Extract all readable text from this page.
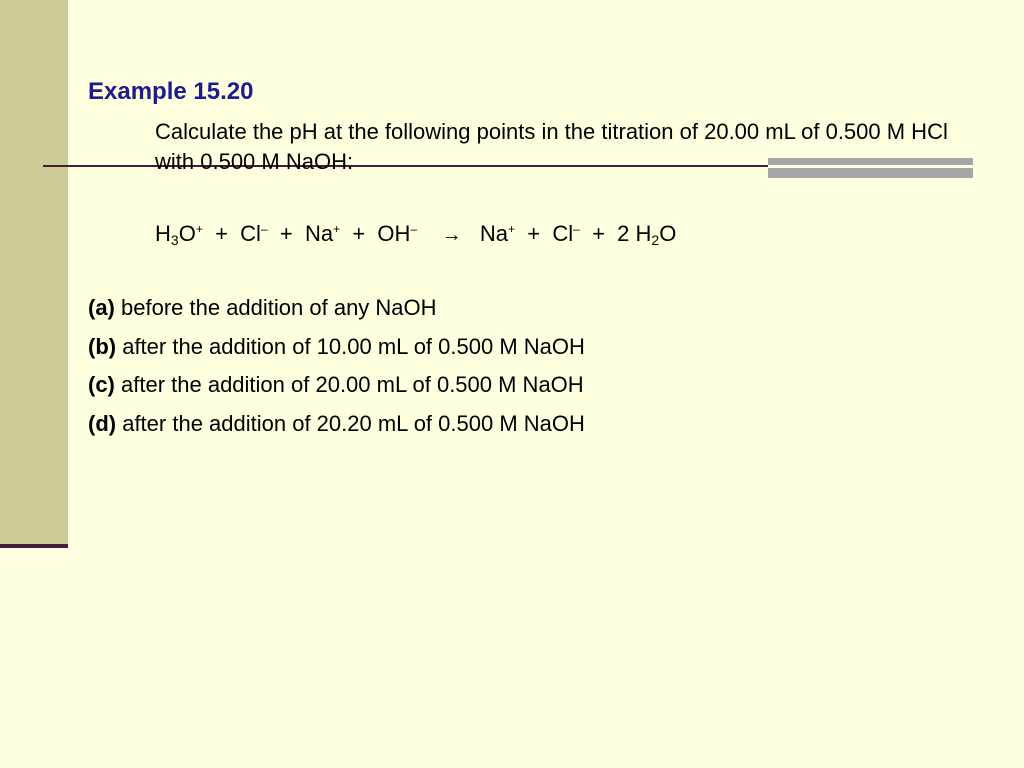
Example 15.20

Calculate the pH at the following points in the titration of 20.00 mL of 0.500 M HCl with 0.500 M NaOH:

$H_3O^+ + Cl^- + Na^+ + OH^- \to Na^+ + Cl^- + 2$ $H_2O$

(a) before the addition of any NaOH
(b) after the addition of 10.00 mL of 0.500 M NaOH
(c) after the addition of 20.00 mL of 0.500 M NaOH
(d) after the addition of 20.20 mL of 0.500 M NaOH
